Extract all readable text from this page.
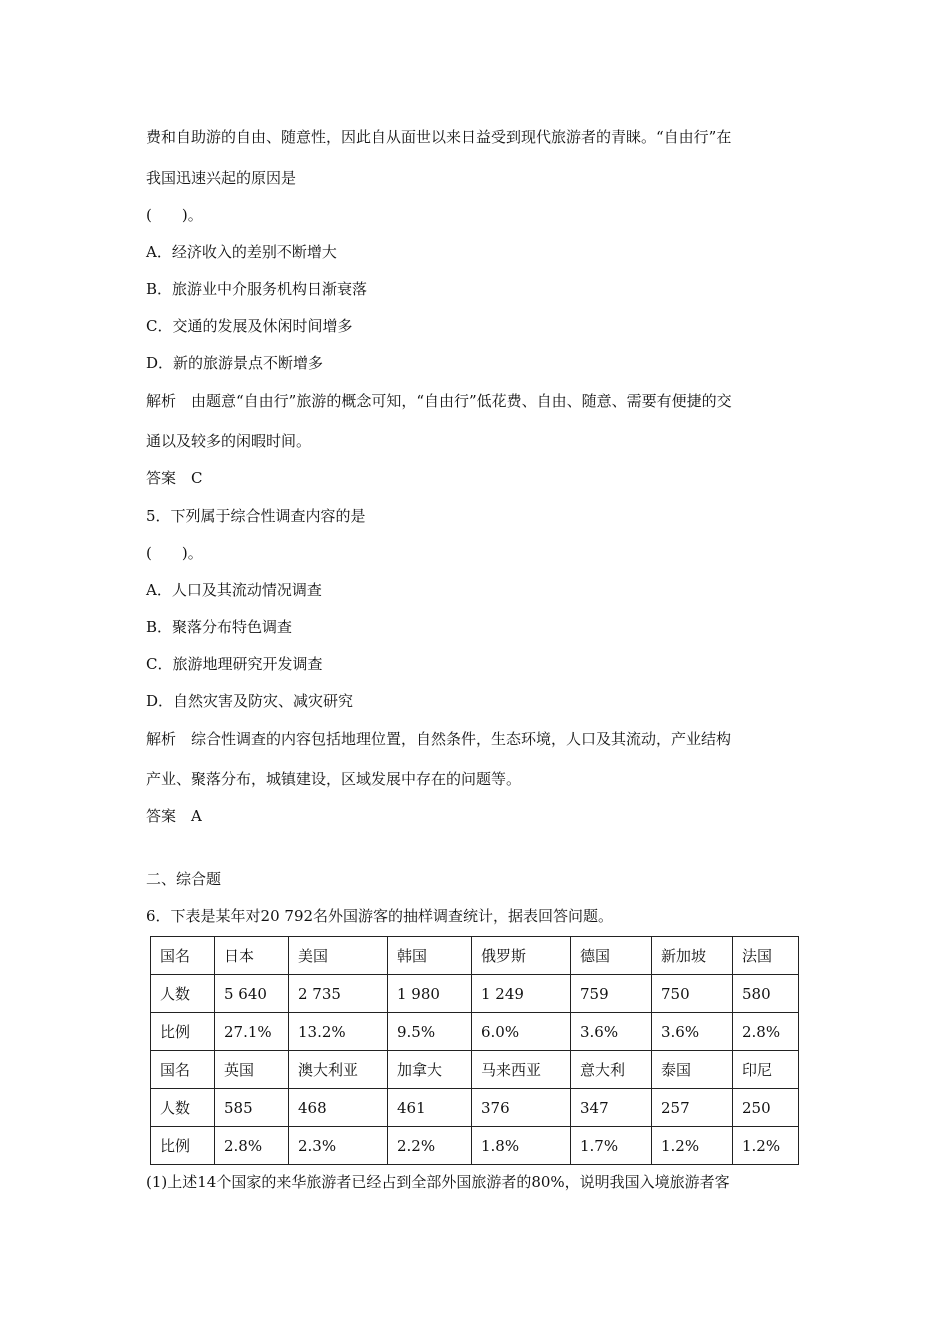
费和自助游的自由、随意性，因此自从面世以来日益受到现代旅游者的青睐。“自由行”在
我国迅速兴起的原因是
(　　)。
A．经济收入的差别不断增大
B．旅游业中介服务机构日渐衰落
C．交通的发展及休闲时间增多
D．新的旅游景点不断增多
解析　由题意“自由行”旅游的概念可知，“自由行”低花费、自由、随意、需要有便捷的交
通以及较多的闲暇时间。
答案　C
5．下列属于综合性调查内容的是
(　　)。
A．人口及其流动情况调查
B．聚落分布特色调查
C．旅游地理研究开发调查
D．自然灾害及防灾、减灾研究
解析　综合性调查的内容包括地理位置，自然条件，生态环境，人口及其流动，产业结构
产业、聚落分布，城镇建设，区域发展中存在的问题等。
答案　A
二、综合题
6．下表是某年对20 792名外国游客的抽样调查统计，据表回答问题。
国名	日本	美国	韩国	俄罗斯	德国	新加坡	法国
人数	5 640	2 735	1 980	1 249	759	750	580
比例	27.1%	13.2%	9.5%	6.0%	3.6%	3.6%	2.8%
国名	英国	澳大利亚	加拿大	马来西亚	意大利	泰国	印尼
人数	585	468	461	376	347	257	250
比例	2.8%	2.3%	2.2%	1.8%	1.7%	1.2%	1.2%
(1)上述14个国家的来华旅游者已经占到全部外国旅游者的80%，说明我国入境旅游者客
